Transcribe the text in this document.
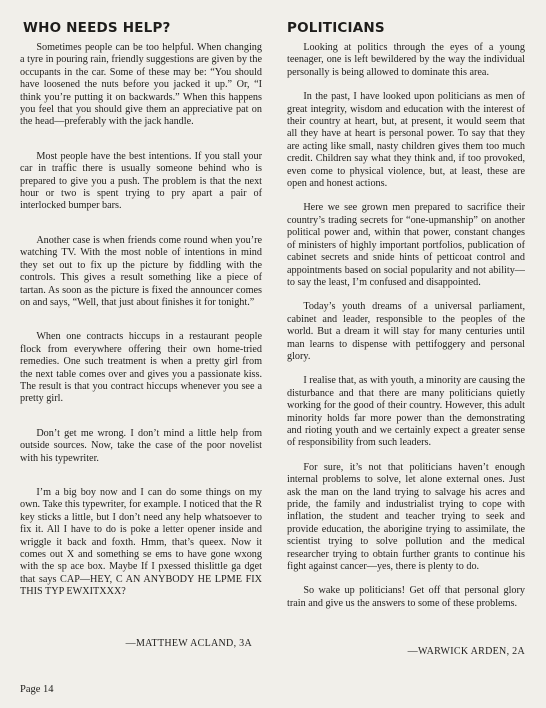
WHO NEEDS HELP?

Sometimes people can be too helpful. When changing a tyre in pouring rain, friendly suggestions are given by the occupants in the car. Some of these may be: “You should have loosened the nuts before you jacked it up.” Or, “I think you’re putting it on backwards.” When this happens you feel that you should give them an appreciative pat on the head—preferably with the jack handle.

Most people have the best intentions. If you stall your car in traffic there is usually someone behind who is prepared to give you a push. The problem is that the next hour or two is spent trying to pry apart a pair of interlocked bumper bars.

Another case is when friends come round when you’re watching TV. With the most noble of intentions in mind they set out to fix up the picture by fiddling with the controls. This gives a result something like a piece of tartan. As soon as the picture is fixed the announcer comes on and says, “Well, that just about finishes it for tonight.”

When one contracts hiccups in a restaurant people flock from everywhere offering their own home-tried remedies. One such treatment is when a pretty girl from the next table comes over and gives you a passionate kiss. The result is that you contract hiccups whenever you see a pretty girl.

Don’t get me wrong. I don’t mind a little help from outside sources. Now, take the case of the poor novelist with his typewriter.

I’m a big boy now and I can do some things on my own. Take this typewriter, for example. I noticed that the R key sticks a little, but I don’t need any help whatsoever to fix it. All I have to do is poke a letter opener inside and wriggle it back and foxth. Hmm, that’s queex. Now it comes out X and something se ems to have gone wxong with the sp ace box. Maybe If I pxessed thislittle ga dget that says CAP—HEY, C AN ANYBODY HE LPME FIX THIS TYP EWXITXXX?

—MATTHEW ACLAND, 3A

POLITICIANS

Looking at politics through the eyes of a young teenager, one is left bewildered by the way the individual personally is being allowed to dominate this area.

In the past, I have looked upon politicians as men of great integrity, wisdom and education with the interest of their country at heart, but, at present, it would seem that all they have at heart is personal power. To say that they are acting like small, nasty children gives them too much credit. Children say what they think and, if too provoked, even come to physical violence, but, at least, these are open and honest actions.

Here we see grown men prepared to sacrifice their country’s trading secrets for “one-upmanship” on another political power and, within that power, constant changes of ministers of highly important portfolios, publication of cabinet secrets and snide hints of petticoat control and appointments based on social popularity and not ability—to say the least, I’m confused and disappointed.

Today’s youth dreams of a universal parliament, cabinet and leader, responsible to the peoples of the world. But a dream it will stay for many centuries until man learns to dispense with pettifoggery and personal glory.

I realise that, as with youth, a minority are causing the disturbance and that there are many politicians quietly working for the good of their country. However, this adult minority holds far more power than the demonstrating and rioting youth and we certainly expect a greater sense of responsibility from such leaders.

For sure, it’s not that politicians haven’t enough internal problems to solve, let alone external ones. Just ask the man on the land trying to salvage his acres and pride, the family and industrialist trying to cope with inflation, the student and teacher trying to seek and provide education, the aborigine trying to assimilate, the scientist trying to solve pollution and the medical researcher trying to obtain further grants to continue his fight against cancer—yes, there is plenty to do.

So wake up politicians! Get off that personal glory train and give us the answers to some of these problems.

—WARWICK ARDEN, 2A

Page 14
